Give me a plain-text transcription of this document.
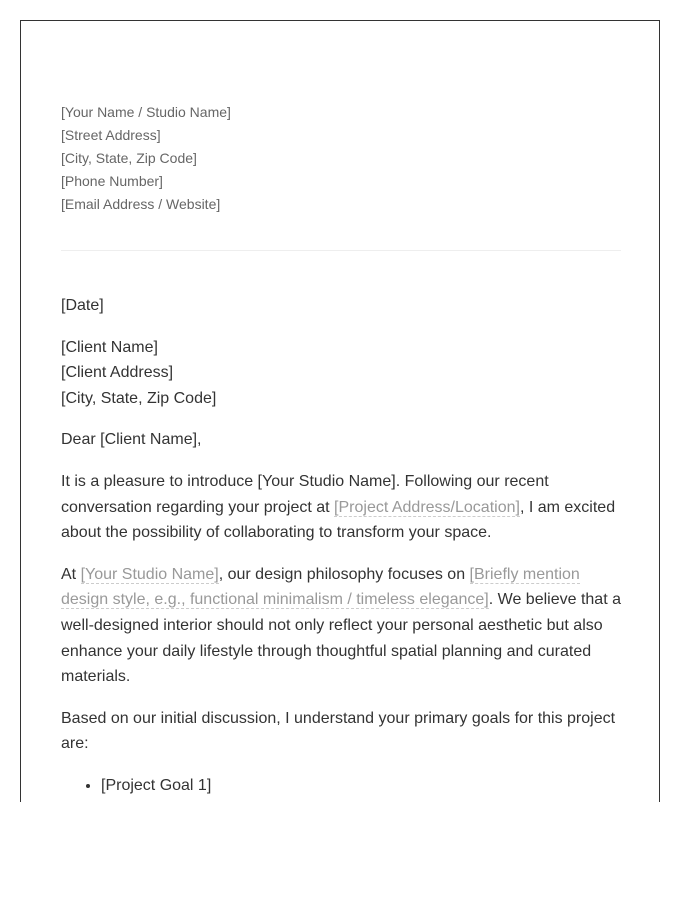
[Your Name / Studio Name]
[Street Address]
[City, State, Zip Code]
[Phone Number]
[Email Address / Website]

[Date]

[Client Name]
[Client Address]
[City, State, Zip Code]

Dear [Client Name],

It is a pleasure to introduce [Your Studio Name]. Following our recent conversation regarding your project at [Project Address/Location], I am excited about the possibility of collaborating to transform your space.

At [Your Studio Name], our design philosophy focuses on [Briefly mention design style, e.g., functional minimalism / timeless elegance]. We believe that a well-designed interior should not only reflect your personal aesthetic but also enhance your daily lifestyle through thoughtful spatial planning and curated materials.

Based on our initial discussion, I understand your primary goals for this project are:

• [Project Goal 1]
